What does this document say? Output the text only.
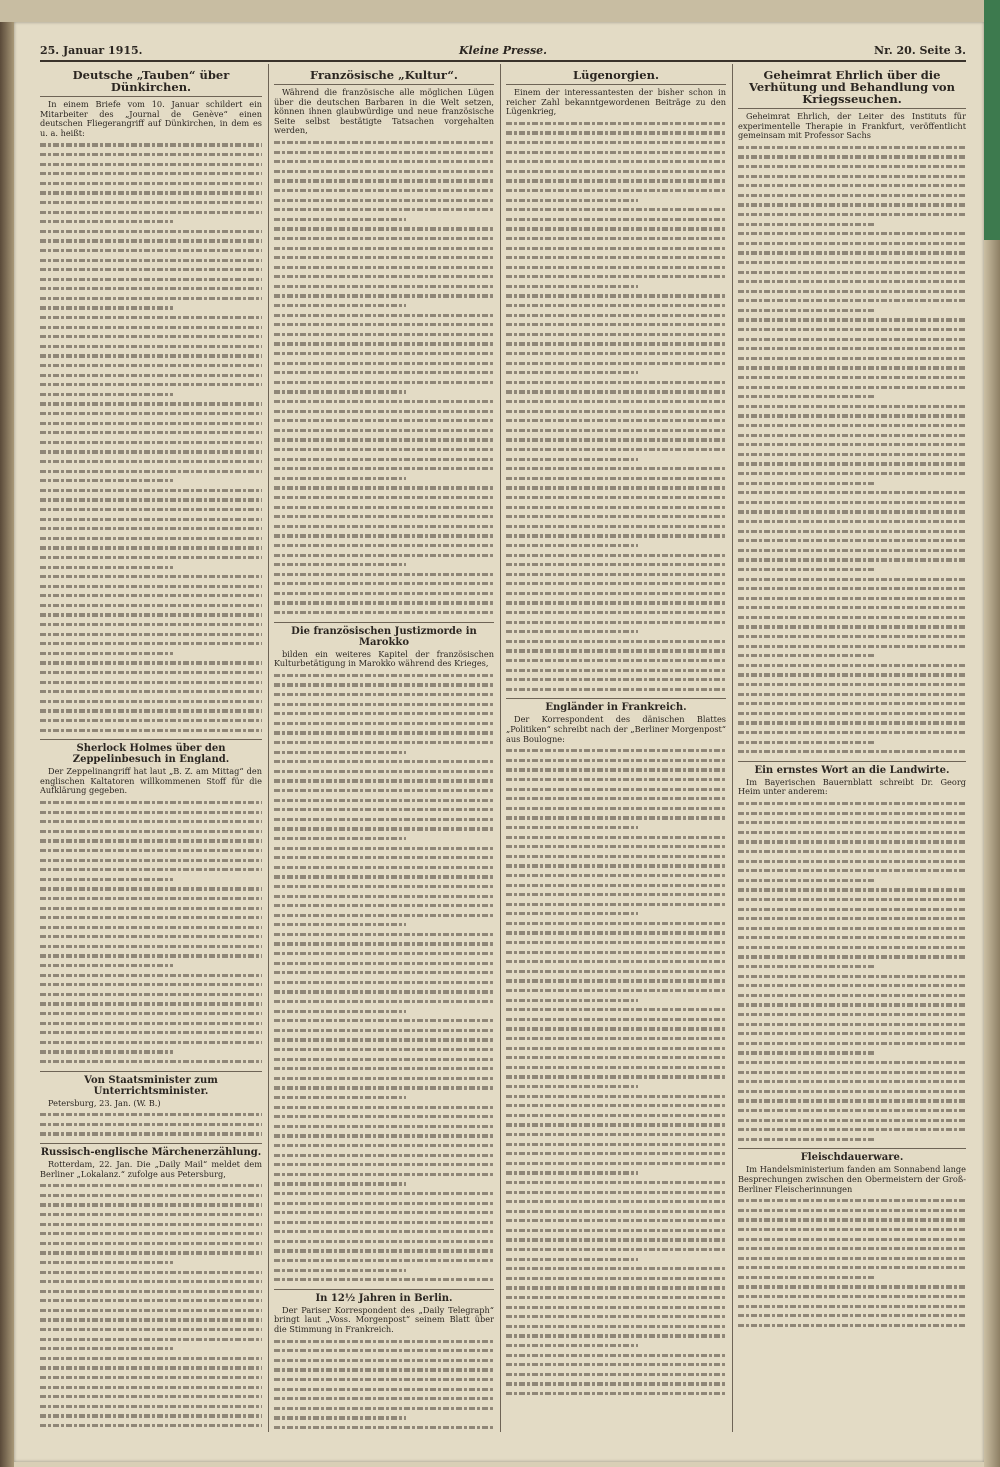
25. Januar 1915.	Kleine Presse.	Nr. 20. Seite 3.
Deutsche „Tauben“ über Dünkirchen.

In einem Briefe vom 10. Januar schildert ein Mitarbeiter des „Journal de Genève“ einen deutschen Fliegerangriff auf Dünkirchen, in dem es u. a. heißt:

Sherlock Holmes über den Zeppelinbesuch in England.

Der Zeppelinangriff hat laut „B. Z. am Mittag“ den englischen Kaltatoren willkommenen Stoff für die Aufklärung gegeben.

Von Staatsminister zum Unterrichtsminister.

Petersburg, 23. Jan. (W. B.)

Russisch-englische Märchenerzählung.

Rotterdam, 22. Jan. Die „Daily Mail“ meldet dem Berliner „Lokalanz.“ zufolge aus Petersburg,

Französische „Kultur“.

Während die französische alle möglichen Lügen über die deutschen Barbaren in die Welt setzen, können ihnen glaubwürdige und neue französische Seite selbst bestätigte Tatsachen vorgehalten werden,

Die französischen Justizmorde in Marokko

bilden ein weiteres Kapitel der französischen Kulturbetätigung in Marokko während des Krieges,

In 12½ Jahren in Berlin.

Der Pariser Korrespondent des „Daily Telegraph“ bringt laut „Voss. Morgenpost“ seinem Blatt über die Stimmung in Frankreich.

Lügenorgien.

Einem der interessantesten der bisher schon in reicher Zahl bekanntgewordenen Beiträge zu den Lügenkrieg,

Engländer in Frankreich.

Der Korrespondent des dänischen Blattes „Politiken“ schreibt nach der „Berliner Morgenpost“ aus Boulogne:

Geheimrat Ehrlich über die Verhütung und Behandlung von Kriegsseuchen.

Geheimrat Ehrlich, der Leiter des Instituts für experimentelle Therapie in Frankfurt, veröffentlicht gemeinsam mit Professor Sachs

Ein ernstes Wort an die Landwirte.

Im Bayerischen Bauernblatt schreibt Dr. Georg Heim unter anderem:

Fleischdauerware.

Im Handelsministerium fanden am Sonnabend lange Besprechungen zwischen den Obermeistern der Groß-Berliner Fleischerinnungen
